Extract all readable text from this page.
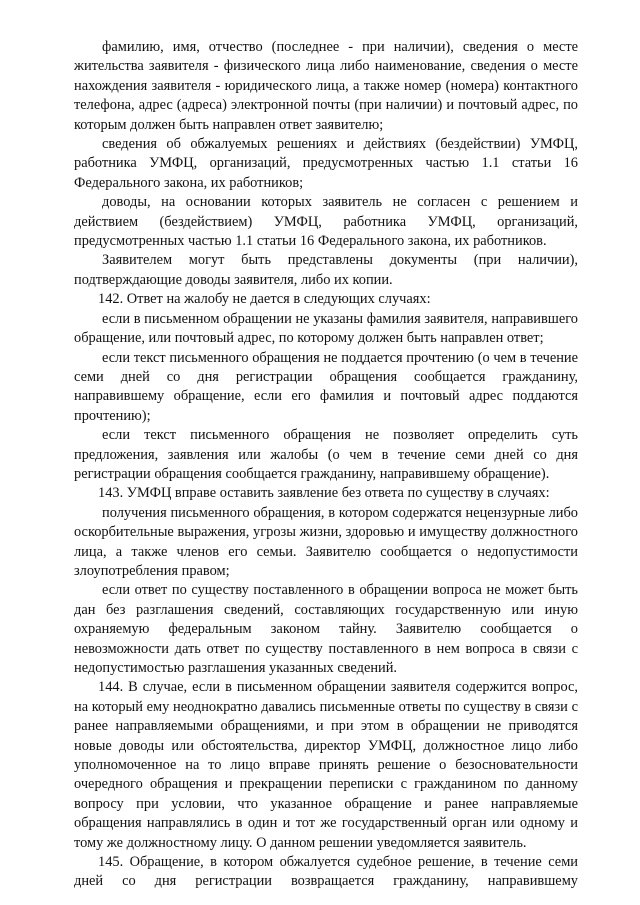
фамилию, имя, отчество (последнее - при наличии), сведения о месте жительства заявителя - физического лица либо наименование, сведения о месте нахождения заявителя - юридического лица, а также номер (номера) контактного телефона, адрес (адреса) электронной почты (при наличии) и почтовый адрес, по которым должен быть направлен ответ заявителю;

сведения об обжалуемых решениях и действиях (бездействии) УМФЦ, работника УМФЦ, организаций, предусмотренных частью 1.1 статьи 16 Федерального закона, их работников;

доводы, на основании которых заявитель не согласен с решением и действием (бездействием) УМФЦ, работника УМФЦ, организаций, предусмотренных частью 1.1 статьи 16 Федерального закона, их работников.

Заявителем могут быть представлены документы (при наличии), подтверждающие доводы заявителя, либо их копии.

142. Ответ на жалобу не дается в следующих случаях:

если в письменном обращении не указаны фамилия заявителя, направившего обращение, или почтовый адрес, по которому должен быть направлен ответ;

если текст письменного обращения не поддается прочтению (о чем в течение семи дней со дня регистрации обращения сообщается гражданину, направившему обращение, если его фамилия и почтовый адрес поддаются прочтению);

если текст письменного обращения не позволяет определить суть предложения, заявления или жалобы (о чем в течение семи дней со дня регистрации обращения сообщается гражданину, направившему обращение).

143. УМФЦ вправе оставить заявление без ответа по существу в случаях:

получения письменного обращения, в котором содержатся нецензурные либо оскорбительные выражения, угрозы жизни, здоровью и имуществу должностного лица, а также членов его семьи. Заявителю сообщается о недопустимости злоупотребления правом;

если ответ по существу поставленного в обращении вопроса не может быть дан без разглашения сведений, составляющих государственную или иную охраняемую федеральным законом тайну. Заявителю сообщается о невозможности дать ответ по существу поставленного в нем вопроса в связи с недопустимостью разглашения указанных сведений.

144. В случае, если в письменном обращении заявителя содержится вопрос, на который ему неоднократно давались письменные ответы по существу в связи с ранее направляемыми обращениями, и при этом в обращении не приводятся новые доводы или обстоятельства, директор УМФЦ, должностное лицо либо уполномоченное на то лицо вправе принять решение о безосновательности очередного обращения и прекращении переписки с гражданином по данному вопросу при условии, что указанное обращение и ранее направляемые обращения направлялись в один и тот же государственный орган или одному и тому же должностному лицу. О данном решении уведомляется заявитель.

145. Обращение, в котором обжалуется судебное решение, в течение семи дней со дня регистрации возвращается гражданину, направившему
